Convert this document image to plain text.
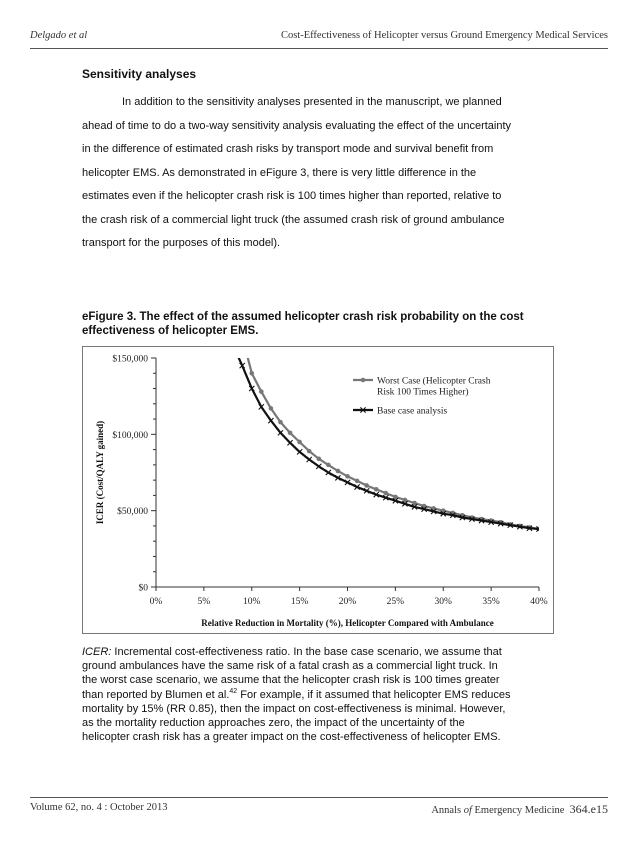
Delgado et al	Cost-Effectiveness of Helicopter versus Ground Emergency Medical Services
Sensitivity analyses
In addition to the sensitivity analyses presented in the manuscript, we planned
ahead of time to do a two-way sensitivity analysis evaluating the effect of the uncertainty
in the difference of estimated crash risks by transport mode and survival benefit from
helicopter EMS. As demonstrated in eFigure 3, there is very little difference in the
estimates even if the helicopter crash risk is 100 times higher than reported, relative to
the crash risk of a commercial light truck (the assumed crash risk of ground ambulance
transport for the purposes of this model).
eFigure 3. The effect of the assumed helicopter crash risk probability on the cost
effectiveness of helicopter EMS.
$0
$50,000
$100,000
$150,000
0%	5%	10%	15%	20%	25%	30%	35%	40%
Relative Reduction in Mortality (%), Helicopter Compared with Ambulance
ICER (Cost/QALY gained)
Worst Case (Helicopter Crash
Risk 100 Times Higher)
Base case analysis
ICER: Incremental cost-effectiveness ratio. In the base case scenario, we assume that
ground ambulances have the same risk of a fatal crash as a commercial light truck. In
the worst case scenario, we assume that the helicopter crash risk is 100 times greater
than reported by Blumen et al.$^{42}$ For example, if it assumed that helicopter EMS reduces
mortality by 15% (RR 0.85), then the impact on cost-effectiveness is minimal. However,
as the mortality reduction approaches zero, the impact of the uncertainty of the
helicopter crash risk has a greater impact on the cost-effectiveness of helicopter EMS.
Volume 62, no. 4 : October 2013	Annals of Emergency Medicine 364.e15
